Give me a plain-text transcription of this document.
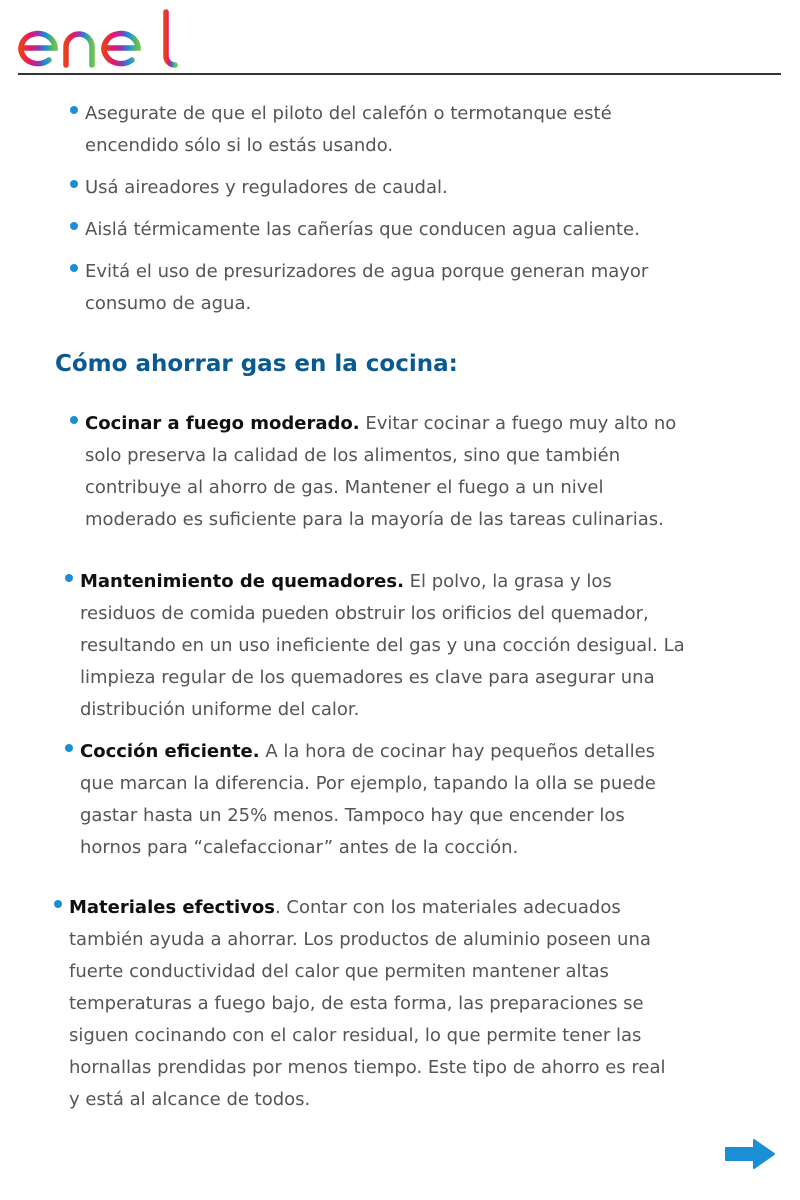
Asegurate de que el piloto del calefón o termotanque esté encendido sólo si lo estás usando.
Usá aireadores y reguladores de caudal.
Aislá térmicamente las cañerías que conducen agua caliente.
Evitá el uso de presurizadores de agua porque generan mayor consumo de agua.
Cómo ahorrar gas en la cocina:
Cocinar a fuego moderado. Evitar cocinar a fuego muy alto no solo preserva la calidad de los alimentos, sino que también contribuye al ahorro de gas. Mantener el fuego a un nivel moderado es suficiente para la mayoría de las tareas culinarias.
Mantenimiento de quemadores. El polvo, la grasa y los residuos de comida pueden obstruir los orificios del quemador, resultando en un uso ineficiente del gas y una cocción desigual. La limpieza regular de los quemadores es clave para asegurar una distribución uniforme del calor.
Cocción eficiente. A la hora de cocinar hay pequeños detalles que marcan la diferencia. Por ejemplo, tapando la olla se puede gastar hasta un 25% menos. Tampoco hay que encender los hornos para “calefaccionar” antes de la cocción.
Materiales efectivos. Contar con los materiales adecuados también ayuda a ahorrar. Los productos de aluminio poseen una fuerte conductividad del calor que permiten mantener altas temperaturas a fuego bajo, de esta forma, las preparaciones se siguen cocinando con el calor residual, lo que permite tener las hornallas prendidas por menos tiempo. Este tipo de ahorro es real y está al alcance de todos.
